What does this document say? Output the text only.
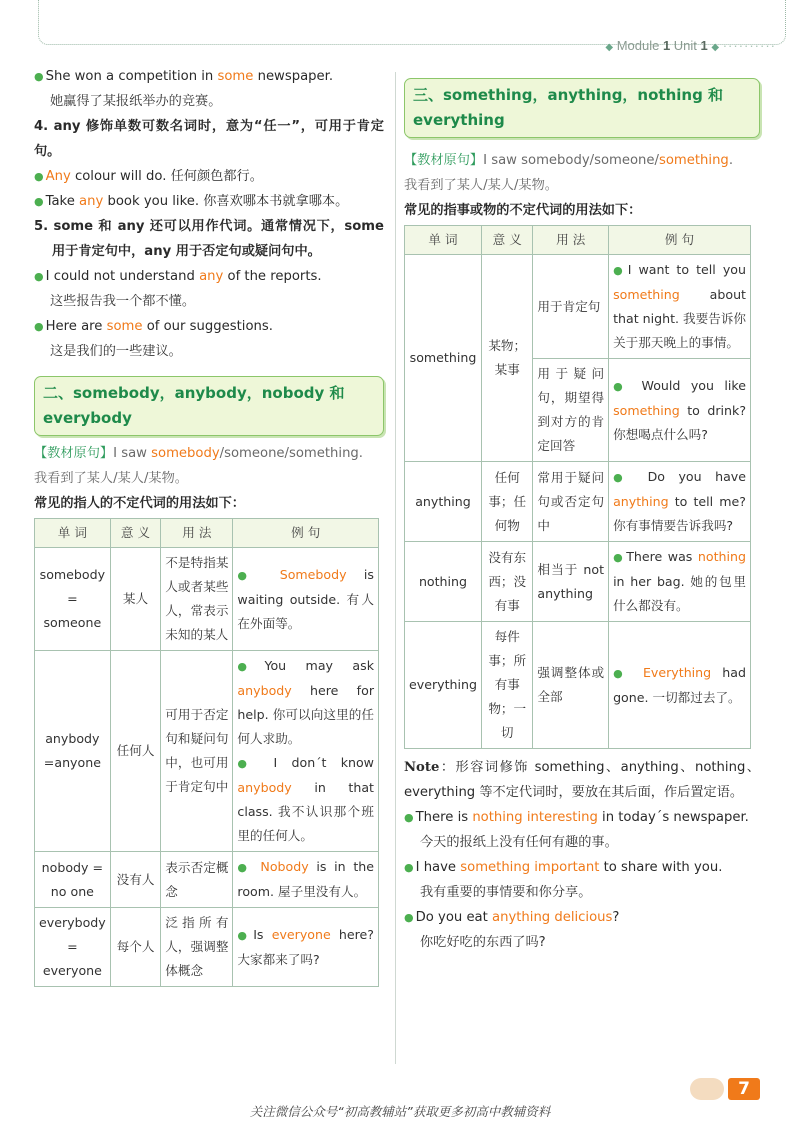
◆ Module 1 Unit 1 ◆ ··········

● She won a competition in some newspaper.

她赢得了某报纸举办的竞赛。

4. any 修饰单数可数名词时，意为“任一”，可用于肯定句。

● Any colour will do. 任何颜色都行。

● Take any book you like. 你喜欢哪本书就拿哪本。

5. some 和 any 还可以用作代词。通常情况下，some 用于肯定句中，any 用于否定句或疑问句中。

● I could not understand any of the reports.

这些报告我一个都不懂。

● Here are some of our suggestions.

这是我们的一些建议。

二、somebody，anybody，nobody 和 everybody

【教材原句】I saw somebody/someone/something.

我看到了某人/某人/某物。

常见的指人的不定代词的用法如下：

单 词	意 义	用 法	例 句
somebody = someone	某人	不是特指某人或者某些人，常表示未知的某人	● Somebody is waiting outside. 有人在外面等。
anybody =anyone	任何人	可用于否定句和疑问句中，也可用于肯定句中	● You may ask anybody here for help. 你可以向这里的任何人求助。
● I don´t know anybody in that class. 我不认识那个班里的任何人。

nobody = no one	没有人	表示否定概念	● Nobody is in the room. 屋子里没有人。
everybody = everyone	每个人	泛指所有人，强调整体概念	● Is everyone here? 大家都来了吗?
三、something，anything，nothing 和 everything

【教材原句】I saw somebody/someone/something.

我看到了某人/某人/某物。

常见的指事或物的不定代词的用法如下：

单 词	意 义	用 法	例 句
something	某物；某事	用于肯定句	● I want to tell you something about that night. 我要告诉你关于那天晚上的事情。
		用于疑问句，期望得到对方的肯定回答	● Would you like something to drink? 你想喝点什么吗?
anything	任何事；任何物	常用于疑问句或否定句中	● Do you have anything to tell me? 你有事情要告诉我吗?
nothing	没有东西；没有事	相当于 not anything	● There was nothing in her bag. 她的包里什么都没有。
everything	每件事；所有事物；一切	强调整体或全部	● Everything had gone. 一切都过去了。

Note：形容词修饰 something、anything、nothing、everything 等不定代词时，要放在其后面，作后置定语。

● There is nothing interesting in today´s newspaper.

今天的报纸上没有任何有趣的事。

● I have something important to share with you.

我有重要的事情要和你分享。

● Do you eat anything delicious?

你吃好吃的东西了吗?

7
关注微信公众号“初高教辅站”获取更多初高中教辅资料
